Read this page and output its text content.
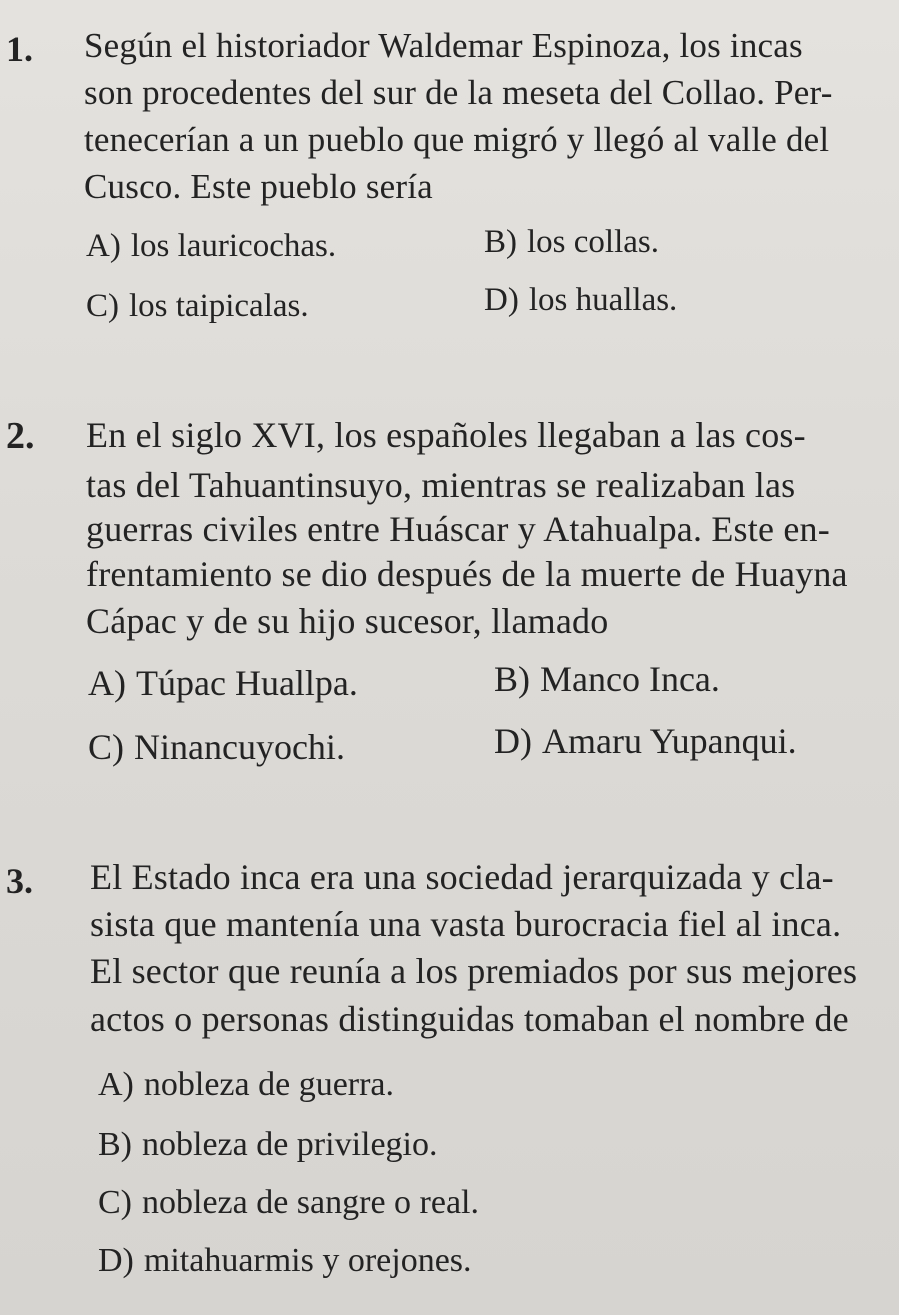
1. Según el historiador Waldemar Espinoza, los incas
son procedentes del sur de la meseta del Collao. Per-
tenecerían a un pueblo que migró y llegó al valle del
Cusco. Este pueblo sería
A) los lauricochas.	B) los collas.
C) los taipicalas.	D) los huallas.
2. En el siglo XVI, los españoles llegaban a las cos-
tas del Tahuantinsuyo, mientras se realizaban las
guerras civiles entre Huáscar y Atahualpa. Este en-
frentamiento se dio después de la muerte de Huayna
Cápac y de su hijo sucesor, llamado
A) Túpac Huallpa.	B) Manco Inca.
C) Ninancuyochi.	D) Amaru Yupanqui.
3. El Estado inca era una sociedad jerarquizada y cla-
sista que mantenía una vasta burocracia fiel al inca.
El sector que reunía a los premiados por sus mejores
actos o personas distinguidas tomaban el nombre de
A) nobleza de guerra.
B) nobleza de privilegio.
C) nobleza de sangre o real.
D) mitahuarmis y orejones.
